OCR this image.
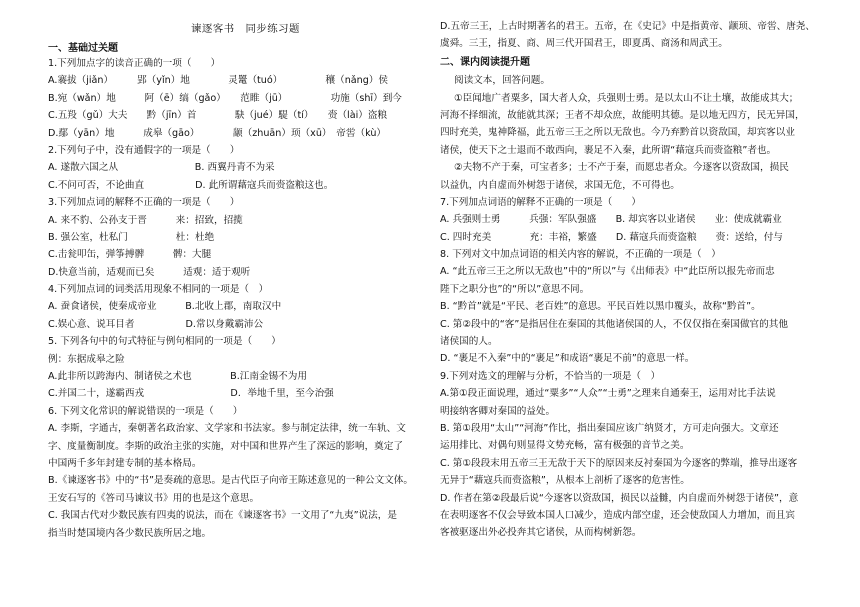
谏逐客书　同步练习题
一、基础过关题
1.下列加点字的读音正确的一项（　　）
A.褰拔（jiǎn）　　　郢（yǐn）地　　　　灵鼍（tuó）　　　　　穰（nǎng）侯
B.宛（wǎn）地　　　阿（ē）缟（gǎo）　　范睢（jū）　　　　　功施（shī）到今
C.五羖（gǔ）大夫　　黔（jīn）首　　　　駃（jué）騠（tí）　　赍（lài）盗粮
D.鄢（yān）地　　　成皋（gāo）　　　　颛（zhuān）顼（xū）　帝喾（kù）
2.下列句子中，没有通假字的一项是（　　）
A. 遂散六国之从　　　　　　　　B. 西翼丹青不为采
C.不问可否，不论曲直　　　　　 D. 此所谓藉寇兵而赍盗粮这也。
3.下列加点词的解释不正确的一项是（　　）
A. 来不豹、公孙支于晋　　　来：招致，招揽
B. 强公室，杜私门　　　　　杜：杜绝
C.击瓮叩缶，弹筝搏髀　　　髀：大腿
D.快意当前，适观而已矣　　　适观：适于观听
4.下列加点词的词类活用现象不相同的一项是（　）
A. 蚕食诸侯，使秦成帝业　　　B.北收上郡，南取汉中
C.娱心意、说耳目者　　　　　 D.常以身戴霸沛公
5. 下列各句中的句式特征与例句相同的一项是（　　）
例：东据成皋之险
A.此非所以跨海内、制诸侯之术也　　　　B.江南金锡不为用
C.并国二十，遂霸西戎　　　　　　　　　D．举地千里，至今治强
6. 下列文化常识的解说错误的一项是（　　）
A. 李斯，字通古，秦朝著名政治家、文学家和书法家。参与制定法律，统一车轨、文
字、度量衡制度。李斯的政治主张的实施，对中国和世界产生了深远的影响，奠定了
中国两千多年封建专制的基本格局。
B.《谏逐客书》中的“书”是奏疏的意思。是古代臣子向帝王陈述意见的一种公文文体。
王安石写的《答司马谏议书》用的也是这个意思。
C. 我国古代对少数民族有四夷的说法，而在《谏逐客书》一文用了“九夷”说法，是
指当时楚国境内各少数民族所居之地。
D.五帝三王，上古时期著名的君王。五帝，在《史记》中是指黄帝、颛顼、帝喾、唐尧、
虞舜。三王，指夏、商、周三代开国君王，即夏禹、商汤和周武王。
二、课内阅读提升题
阅读文本，回答问题。
①臣闻地广者粟多，国大者人众，兵强则士勇。是以太山不让土壤，故能成其大；
河海不择细流，故能就其深；王者不却众庶，故能明其德。是以地无四方，民无异国，
四时充美，鬼神降福，此五帝三王之所以无敌也。今乃弃黔首以资敌国，却宾客以业
诸侯，使天下之士退而不敢西向，裹足不入秦，此所谓“藉寇兵而赍盗粮”者也。
②夫物不产于秦，可宝者多；士不产于秦，而愿忠者众。今逐客以资敌国，损民
以益仇，内自虚而外树怨于诸侯，求国无危，不可得也。
7.下列加点词语的解释不正确的一项是（　　）
A. 兵强则士勇　　　兵强：军队强盛　　B. 却宾客以业诸侯　　业：使成就霸业
C. 四时充美　　　　充：丰裕，繁盛　　D. 藉寇兵而赍盗粮　　赍：送给，付与
8. 下列对文中加点词语的相关内容的解说，不正确的一项是（　）
A. “此五帝三王之所以无敌也”中的“所以”与《出师表》中“此臣所以报先帝而忠
陛下之职分也”的“所以”意思不同。
B. “黔首”就是“平民、老百姓”的意思。平民百姓以黑巾覆头，故称“黔首”。
C. 第②段中的“客”是指居住在秦国的其他诸侯国的人，不仅仅指在秦国做官的其他
诸侯国的人。
D. “裹足不入秦”中的“裹足”和成语“裹足不前”的意思一样。
9.下列对选文的理解与分析，不恰当的一项是（　）
A.第①段正面说理，通过“粟多”“人众”“士勇”之理来自通秦王，运用对比手法说
明接纳客卿对秦国的益处。
B. 第①段用“太山”“河海”作比，指出秦国应该广纳贤才，方可走向强大。文章还
运用排比、对偶句则显得文势充畅，富有极强的音节之美。
C. 第①段段末用五帝三王无敌于天下的原因来反衬秦国为今逐客的弊端，推导出逐客
无异于“藉寇兵而赍盗粮”，从根本上剖析了逐客的危害性。
D. 作者在第②段最后说“今逐客以资敌国，损民以益雠，内自虚而外树怨于诸侯”，意
在表明逐客不仅会导致本国人口减少，造成内部空虚，还会使敌国人力增加，而且宾
客被驱逐出外必投奔其它诸侯，从而构树新怨。
